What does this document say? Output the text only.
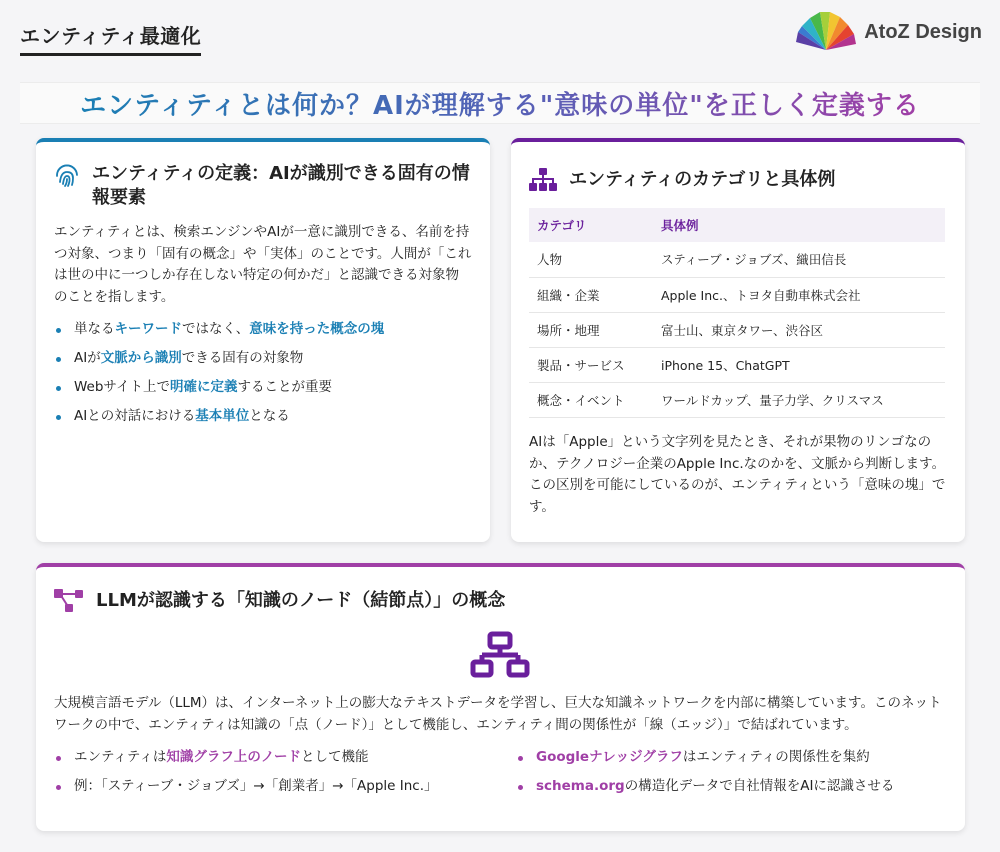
エンティティ最適化	AtoZ Design
エンティティとは何か？AIが理解する"意味の単位"を正しく定義する
エンティティの定義：AIが識別できる固有の情報要素

エンティティとは、検索エンジンやAIが一意に識別できる、名前を持つ対象、つまり「固有の概念」や「実体」のことです。人間が「これは世の中に一つしか存在しない特定の何かだ」と認識できる対象物のことを指します。

単なるキーワードではなく、意味を持った概念の塊
AIが文脈から識別できる固有の対象物
Webサイト上で明確に定義することが重要
AIとの対話における基本単位となる
エンティティのカテゴリと具体例
カテゴリ	具体例
人物	スティーブ・ジョブズ、織田信長
組織・企業	Apple Inc.、トヨタ自動車株式会社
場所・地理	富士山、東京タワー、渋谷区
製品・サービス	iPhone 15、ChatGPT
概念・イベント	ワールドカップ、量子力学、クリスマス

AIは「Apple」という文字列を見たとき、それが果物のリンゴなのか、テクノロジー企業のApple Inc.なのかを、文脈から判断します。この区別を可能にしているのが、エンティティという「意味の塊」です。

LLMが認識する「知識のノード（結節点）」の概念

大規模言語モデル（LLM）は、インターネット上の膨大なテキストデータを学習し、巨大な知識ネットワークを内部に構築しています。このネットワークの中で、エンティティは知識の「点（ノード）」として機能し、エンティティ間の関係性が「線（エッジ）」で結ばれています。

エンティティは知識グラフ上のノードとして機能
例：「スティーブ・ジョブズ」→「創業者」→「Apple Inc.」
Googleナレッジグラフはエンティティの関係性を集約
schema.orgの構造化データで自社情報をAIに認識させる
